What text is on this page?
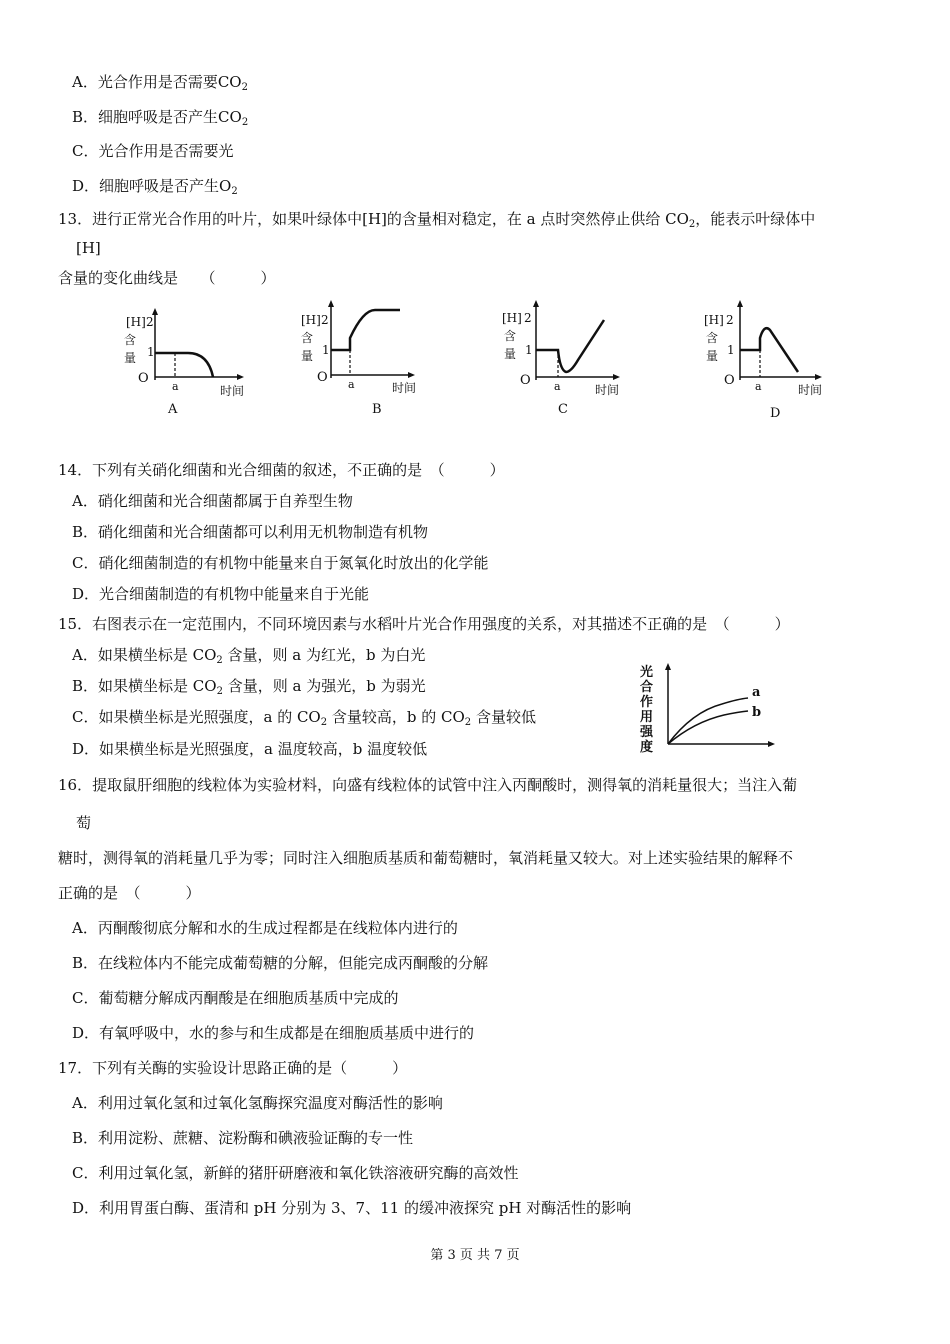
A．光合作用是否需要$CO_2$
B．细胞呼吸是否产生$CO_2$
C．光合作用是否需要光
D．细胞呼吸是否产生$O_2$
13．进行正常光合作用的叶片，如果叶绿体中[H]的含量相对稳定，在 a 点时突然停止供给 $CO_2$，能表示叶绿体中
[H]
含量的变化曲线是　　（　　　）
[H] 2
含
1
量
O
a	时间
A
[H] 2
含
1
量
O a	时间
B
[H] 2
含
1
量
O a	时间
C
[H] 2
含
1
量
O a	时间
D
14．下列有关硝化细菌和光合细菌的叙述，不正确的是　（　　　）
A．硝化细菌和光合细菌都属于自养型生物
B．硝化细菌和光合细菌都可以利用无机物制造有机物
C．硝化细菌制造的有机物中能量来自于氮氧化时放出的化学能
D．光合细菌制造的有机物中能量来自于光能
15．右图表示在一定范围内，不同环境因素与水稻叶片光合作用强度的关系，对其描述不正确的是　（　　　）
A．如果横坐标是 $CO_2$ 含量，则 a 为红光，b 为白光
B．如果横坐标是 $CO_2$ 含量，则 a 为强光，b 为弱光
C．如果横坐标是光照强度，a 的 $CO_2$ 含量较高，b 的 $CO_2$ 含量较低
D．如果横坐标是光照强度，a 温度较高，b 温度较低
光
合
作
用
强
度
a
b
16．提取鼠肝细胞的线粒体为实验材料，向盛有线粒体的试管中注入丙酮酸时，测得氧的消耗量很大；当注入葡
萄
糖时，测得氧的消耗量几乎为零；同时注入细胞质基质和葡萄糖时，氧消耗量又较大。对上述实验结果的解释不
正确的是　（　　　）
A．丙酮酸彻底分解和水的生成过程都是在线粒体内进行的
B．在线粒体内不能完成葡萄糖的分解，但能完成丙酮酸的分解
C．葡萄糖分解成丙酮酸是在细胞质基质中完成的
D．有氧呼吸中，水的参与和生成都是在细胞质基质中进行的
17．下列有关酶的实验设计思路正确的是（　　　）
A．利用过氧化氢和过氧化氢酶探究温度对酶活性的影响
B．利用淀粉、蔗糖、淀粉酶和碘液验证酶的专一性
C．利用过氧化氢，新鲜的猪肝研磨液和氧化铁溶液研究酶的高效性
D．利用胃蛋白酶、蛋清和 pH 分别为 3、7、11 的缓冲液探究 pH 对酶活性的影响
第 3 页 共 7 页
